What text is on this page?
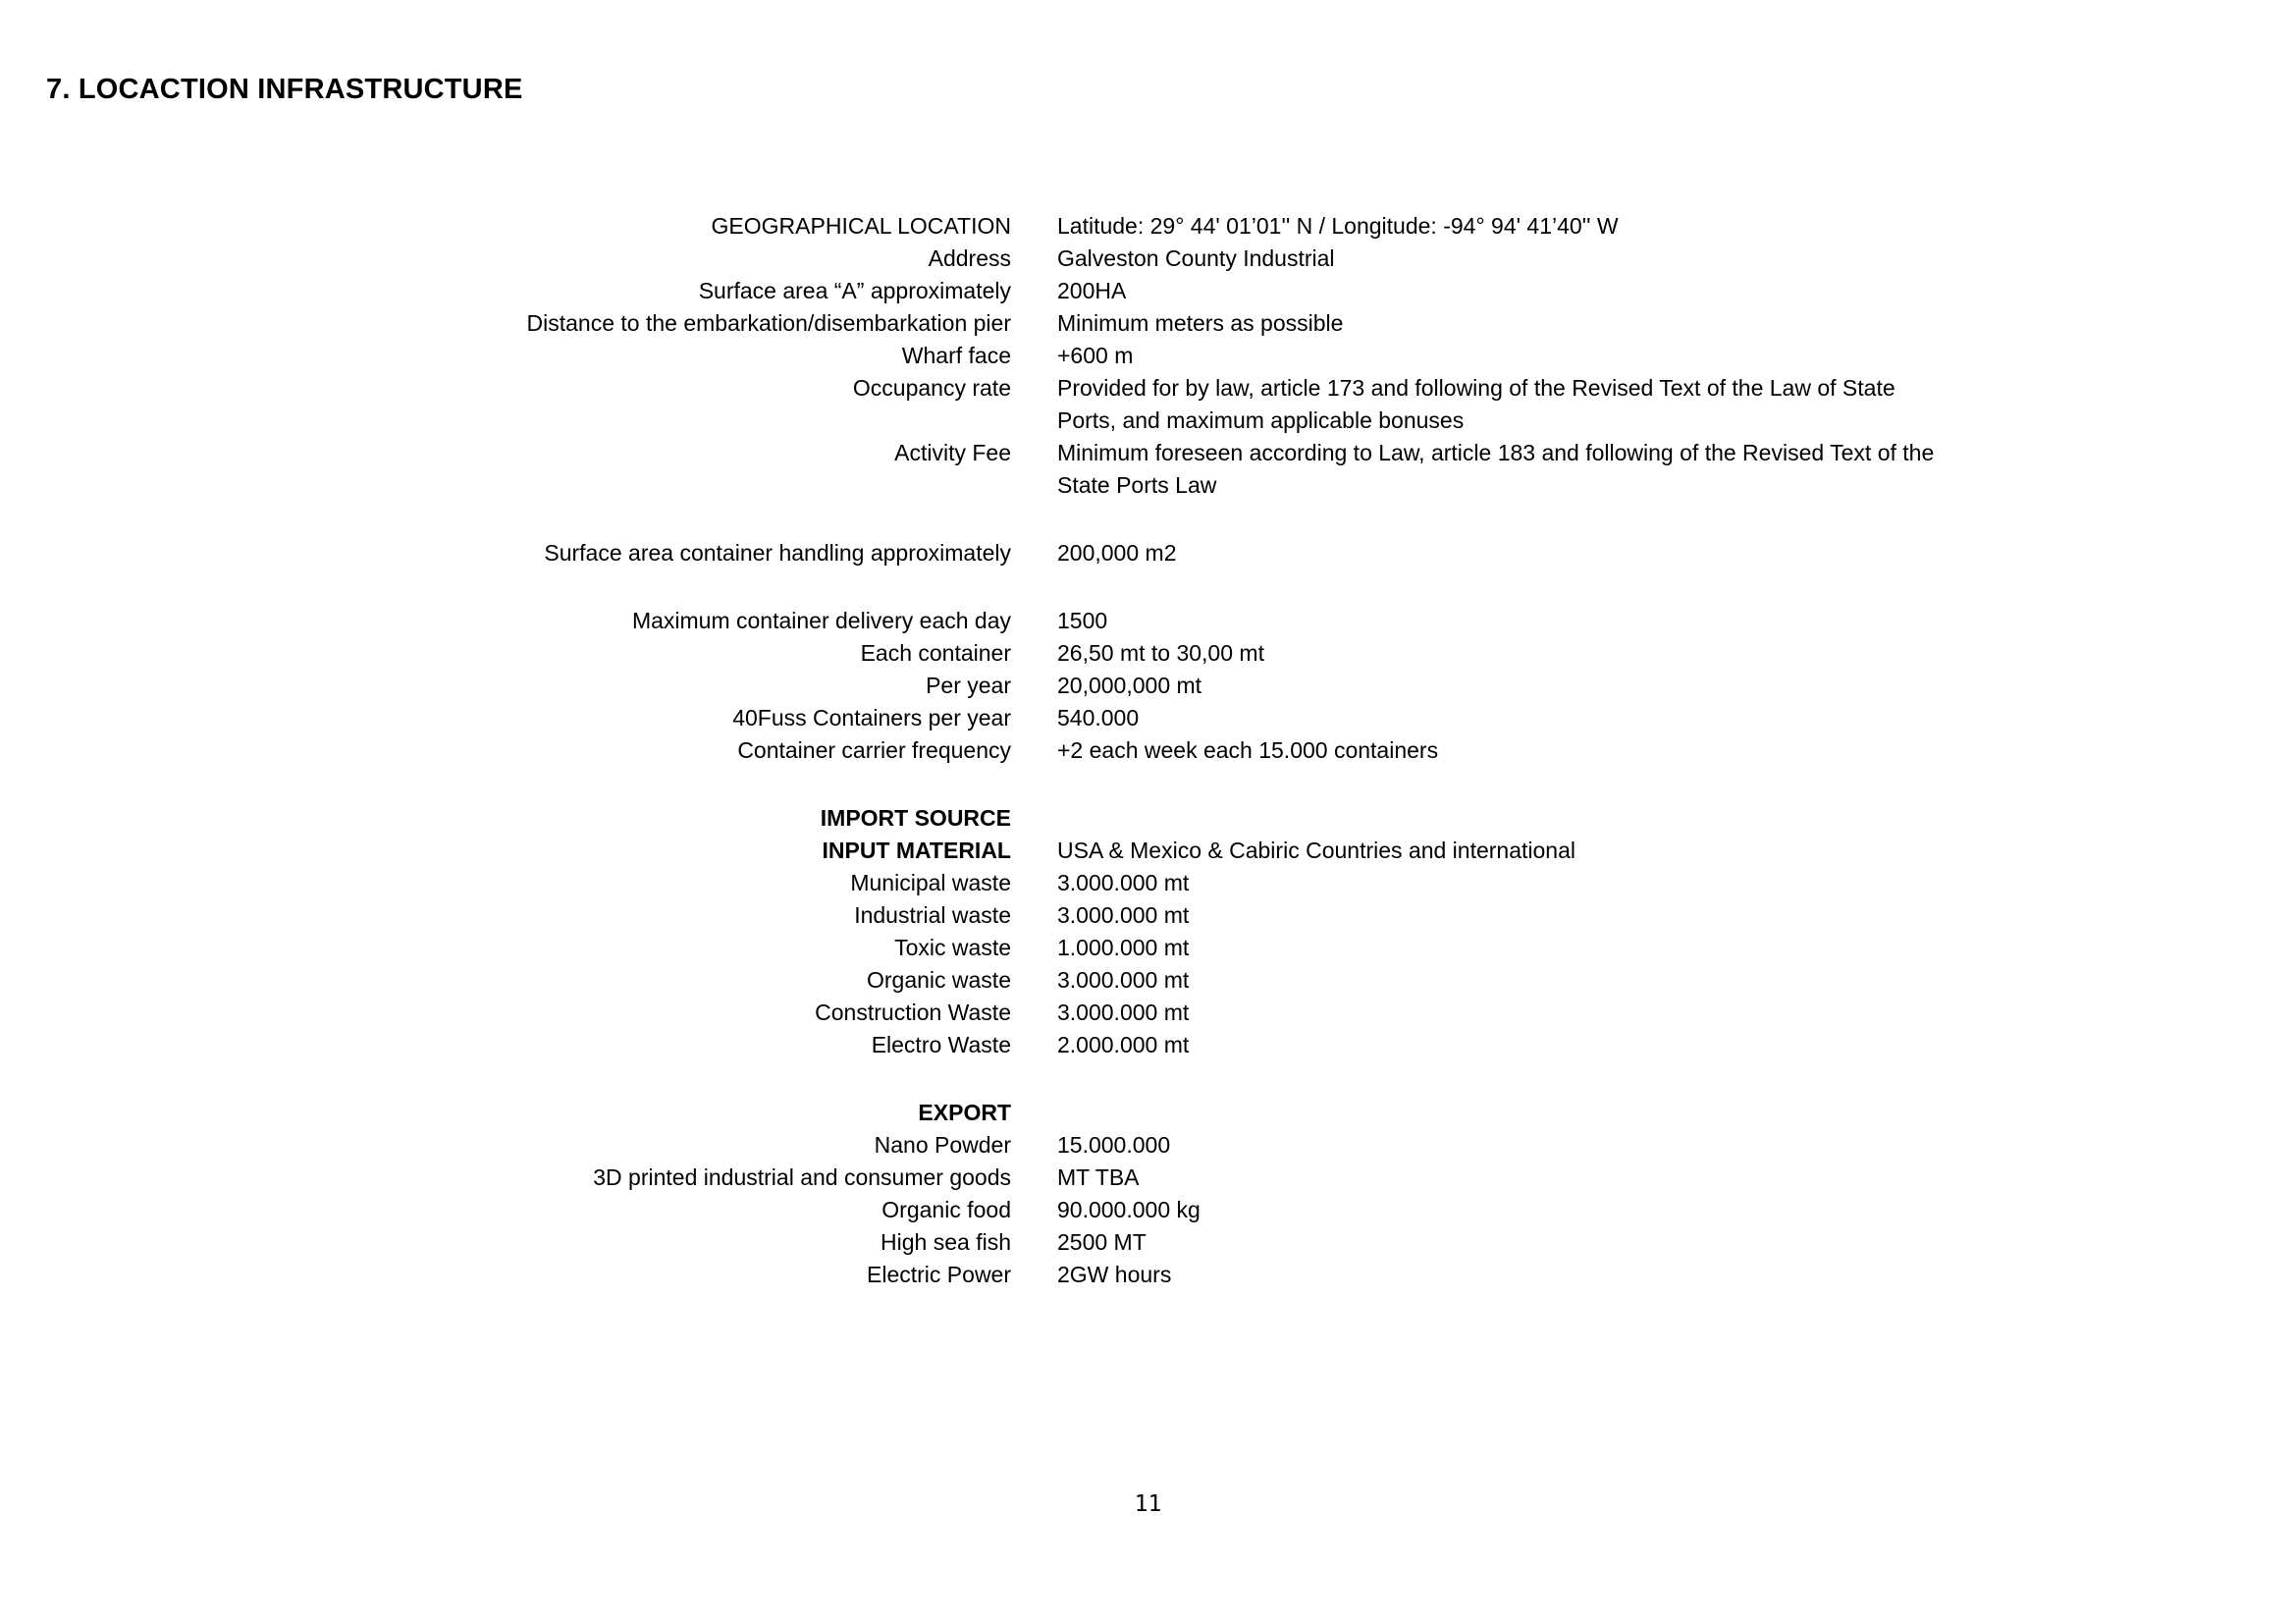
7. LOCACTION INFRASTRUCTURE
GEOGRAPHICAL LOCATION Latitude: 29° 44' 01’01'' N / Longitude: -94° 94' 41’40'' W
Address Galveston County Industrial
Surface area “A” approximately 200HA
Distance to the embarkation/disembarkation pier Minimum meters as possible
Wharf face +600 m
Occupancy rate Provided for by law, article 173 and following of the Revised Text of the Law of State Ports, and maximum applicable bonuses
Activity Fee Minimum foreseen according to Law, article 183 and following of the Revised Text of the State Ports Law
Surface area container handling approximately 200,000 m2
Maximum container delivery each day 1500
Each container 26,50 mt to 30,00 mt
Per year 20,000,000 mt
40Fuss Containers per year 540.000
Container carrier frequency +2 each week each 15.000 containers
IMPORT SOURCE
INPUT MATERIAL USA & Mexico & Cabiric Countries and international
Municipal waste 3.000.000 mt
Industrial waste 3.000.000 mt
Toxic waste 1.000.000 mt
Organic waste 3.000.000 mt
Construction Waste 3.000.000 mt
Electro Waste 2.000.000 mt
EXPORT
Nano Powder 15.000.000
3D printed industrial and consumer goods MT TBA
Organic food 90.000.000 kg
High sea fish 2500 MT
Electric Power 2GW hours
11
